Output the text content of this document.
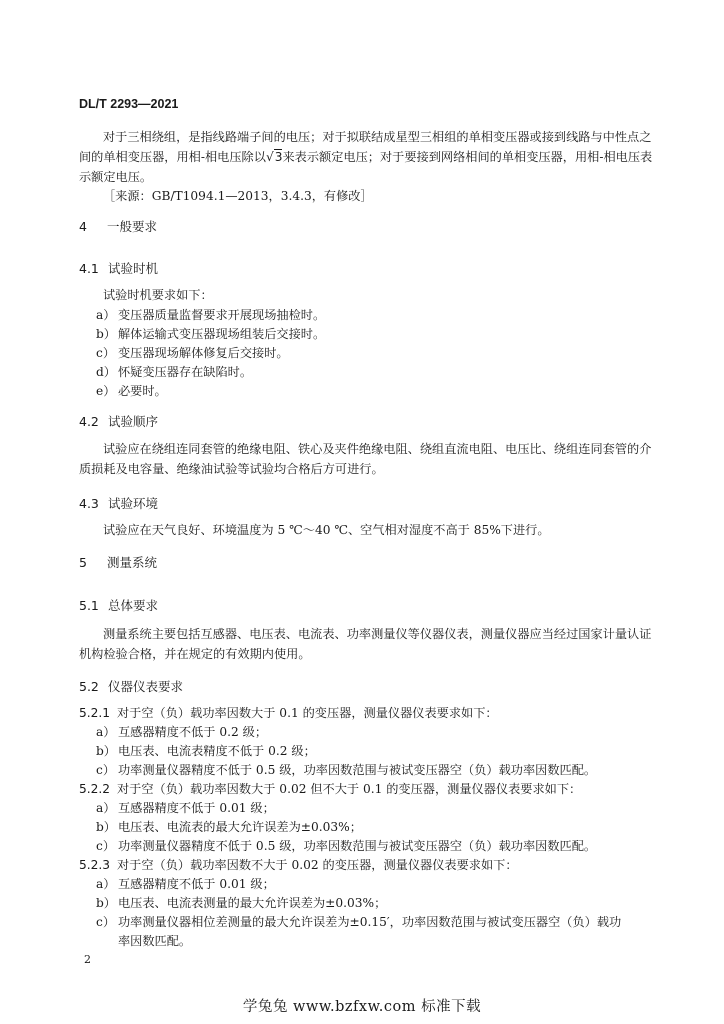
DL/T 2293—2021
对于三相绕组，是指线路端子间的电压；对于拟联结成星型三相组的单相变压器或接到线路与中性点之间的单相变压器，用相-相电压除以√3来表示额定电压；对于要接到网络相间的单相变压器，用相-相电压表示额定电压。
［来源：GB/T1094.1—2013，3.4.3，有修改］
4 一般要求
4.1 试验时机
试验时机要求如下：
a） 变压器质量监督要求开展现场抽检时。
b） 解体运输式变压器现场组装后交接时。
c） 变压器现场解体修复后交接时。
d） 怀疑变压器存在缺陷时。
e） 必要时。
4.2 试验顺序
试验应在绕组连同套管的绝缘电阻、铁心及夹件绝缘电阻、绕组直流电阻、电压比、绕组连同套管的介质损耗及电容量、绝缘油试验等试验均合格后方可进行。
4.3 试验环境
试验应在天气良好、环境温度为 5 ℃～40 ℃、空气相对湿度不高于 85%下进行。
5 测量系统
5.1 总体要求
测量系统主要包括互感器、电压表、电流表、功率测量仪等仪器仪表，测量仪器应当经过国家计量认证机构检验合格，并在规定的有效期内使用。
5.2 仪器仪表要求
5.2.1 对于空（负）载功率因数大于 0.1 的变压器，测量仪器仪表要求如下：
a） 互感器精度不低于 0.2 级；
b） 电压表、电流表精度不低于 0.2 级；
c） 功率测量仪器精度不低于 0.5 级，功率因数范围与被试变压器空（负）载功率因数匹配。
5.2.2 对于空（负）载功率因数大于 0.02 但不大于 0.1 的变压器，测量仪器仪表要求如下：
a） 互感器精度不低于 0.01 级；
b） 电压表、电流表的最大允许误差为±0.03%；
c） 功率测量仪器精度不低于 0.5 级，功率因数范围与被试变压器空（负）载功率因数匹配。
5.2.3 对于空（负）载功率因数不大于 0.02 的变压器，测量仪器仪表要求如下：
a） 互感器精度不低于 0.01 级；
b） 电压表、电流表测量的最大允许误差为±0.03%；
c） 功率测量仪器相位差测量的最大允许误差为±0.15′，功率因数范围与被试变压器空（负）载功
率因数匹配。
2
学兔兔 www.bzfxw.com 标准下载
